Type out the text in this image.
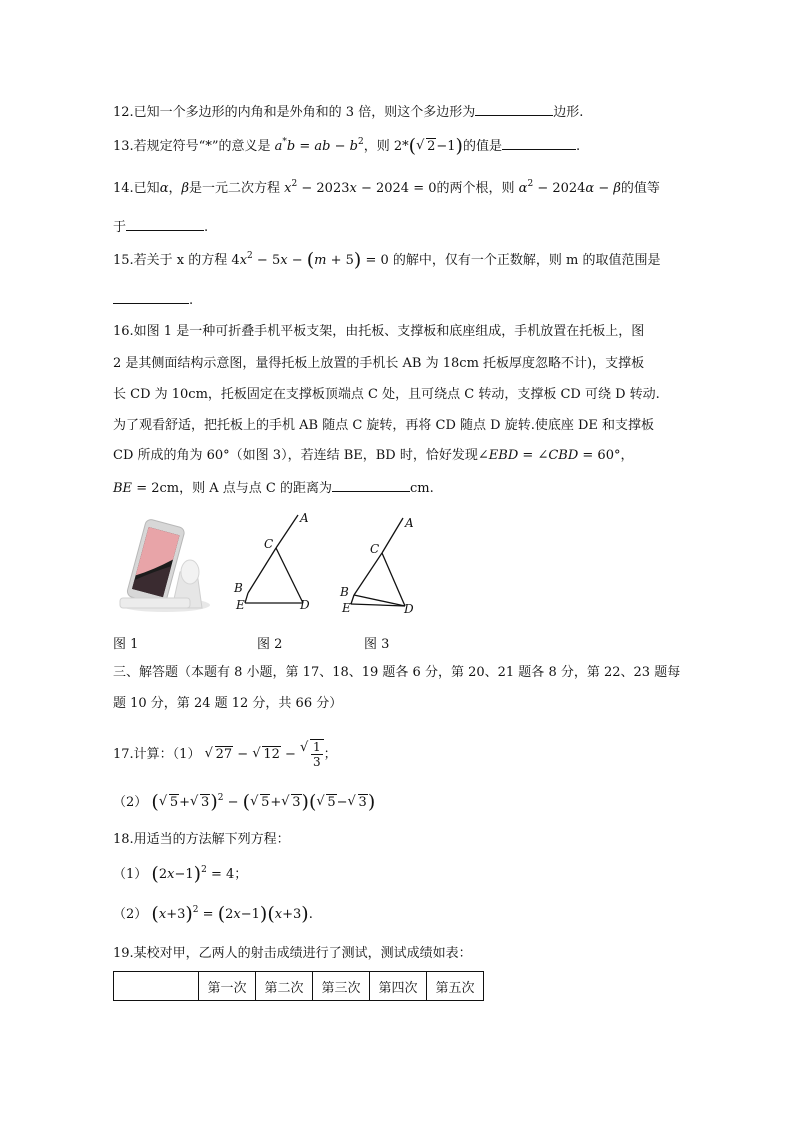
12.已知一个多边形的内角和是外角和的 3 倍，则这个多边形为	边形.
13.若规定符号“*”的意义是 a*b = ab − $b^2$，则 2*( √ 2−1)的值是	.
14.已知α，β是一元二次方程 $x^2 - 2023x - 2024 = 0$的两个根，则 $\alpha^2 - 2024\alpha - \beta$的值等
于	.
15.若关于 x 的方程 $4x^2 - 5x - (m + 5) = 0$ 的解中，仅有一个正数解，则 m 的取值范围是
.
16.如图 1 是一种可折叠手机平板支架，由托板、支撑板和底座组成，手机放置在托板上，图
2 是其侧面结构示意图，量得托板上放置的手机长 AB 为 18cm 托板厚度忽略不计)，支撑板
长 CD 为 10cm，托板固定在支撑板顶端点 C 处，且可绕点 C 转动，支撑板 CD 可绕 D 转动.
为了观看舒适，把托板上的手机 AB 随点 C 旋转，再将 CD 随点 D 旋转.使底座 DE 和支撑板
CD 所成的角为 60°（如图 3），若连结 BE，BD 时，恰好发现∠EBD = ∠CBD = 60°，
BE = 2cm，则 A 点与点 C 的距离为	cm.
A
C
B
E	D
A
C
B
E	D
图 1	图 2	图 3
三、解答题（本题有 8 小题，第 17、18、19 题各 6 分，第 20、21 题各 8 分，第 22、23 题每
题 10 分，第 24 题 12 分，共 66 分）
17.计算：（1） √ 27 − √ 12 − √ $\frac{1}{3}$ ；
（2） ( √ 5+ √ 3)$^2$ − ( √ 5+ √ 3)( √ 5− √ 3)
18.用适当的方法解下列方程：
（1） $(2x-1)^2 = 4$；
（2） $(x+3)^2 = (2x-1)(x+3)$.
19.某校对甲，乙两人的射击成绩进行了测试，测试成绩如表：
	第一次	第二次	第三次	第四次	第五次
